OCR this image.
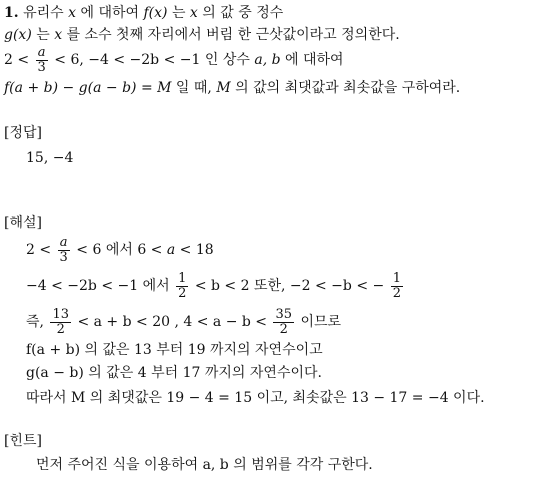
1. 유리수 x 에 대하여 f(x) 는 x 의 값 중 정수
g(x) 는 x 를 소수 첫째 자리에서 버림 한 근삿값이라고 정의한다.
$2 < \frac{a}{3} < 6$, −4 < −2b < −1 인 상수 a, b 에 대하여
f(a + b) − g(a − b) = M 일 때, M 의 값의 최댓값과 최솟값을 구하여라.
[정답]
15, −4
[해설]
$2 < \frac{a}{3} < 6$ 에서 6 < a < 18
−4 < −2b < −1 에서 $\frac{1}{2} < b < 2$ 또한, −2 < −b < − $\frac{1}{2}$
즉, $\frac{13}{2} < a + b < 20$ , $4 < a - b < \frac{35}{2}$ 이므로
f(a + b) 의 값은 13 부터 19 까지의 자연수이고
g(a − b) 의 값은 4 부터 17 까지의 자연수이다.
따라서 M 의 최댓값은 19 − 4 = 15 이고, 최솟값은 13 − 17 = −4 이다.
[힌트]
먼저 주어진 식을 이용하여 a, b 의 범위를 각각 구한다.
